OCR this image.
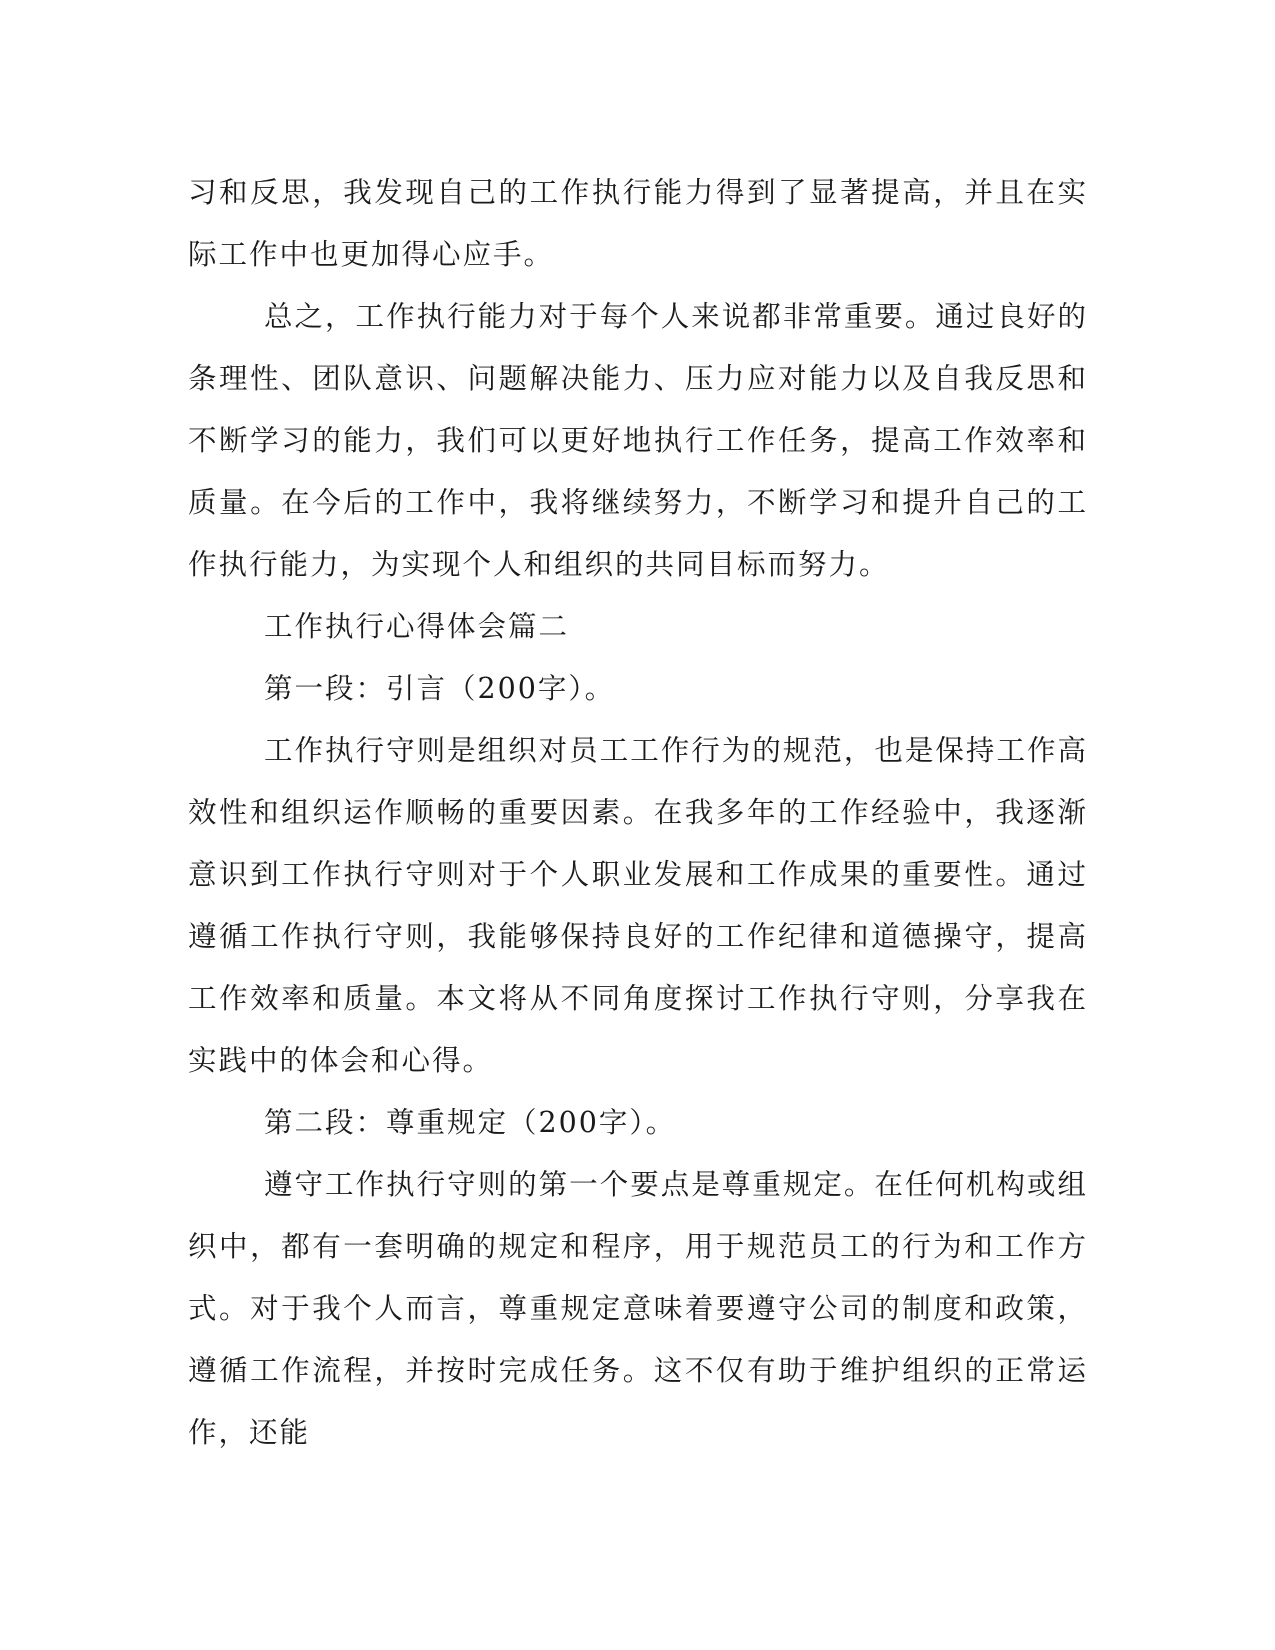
习和反思，我发现自己的工作执行能力得到了显著提高，并且在实际工作中也更加得心应手。

总之，工作执行能力对于每个人来说都非常重要。通过良好的条理性、团队意识、问题解决能力、压力应对能力以及自我反思和不断学习的能力，我们可以更好地执行工作任务，提高工作效率和质量。在今后的工作中，我将继续努力，不断学习和提升自己的工作执行能力，为实现个人和组织的共同目标而努力。

工作执行心得体会篇二

第一段：引言（200字）。

工作执行守则是组织对员工工作行为的规范，也是保持工作高效性和组织运作顺畅的重要因素。在我多年的工作经验中，我逐渐意识到工作执行守则对于个人职业发展和工作成果的重要性。通过遵循工作执行守则，我能够保持良好的工作纪律和道德操守，提高工作效率和质量。本文将从不同角度探讨工作执行守则，分享我在实践中的体会和心得。

第二段：尊重规定（200字）。

遵守工作执行守则的第一个要点是尊重规定。在任何机构或组织中，都有一套明确的规定和程序，用于规范员工的行为和工作方式。对于我个人而言，尊重规定意味着要遵守公司的制度和政策，遵循工作流程，并按时完成任务。这不仅有助于维护组织的正常运作，还能
